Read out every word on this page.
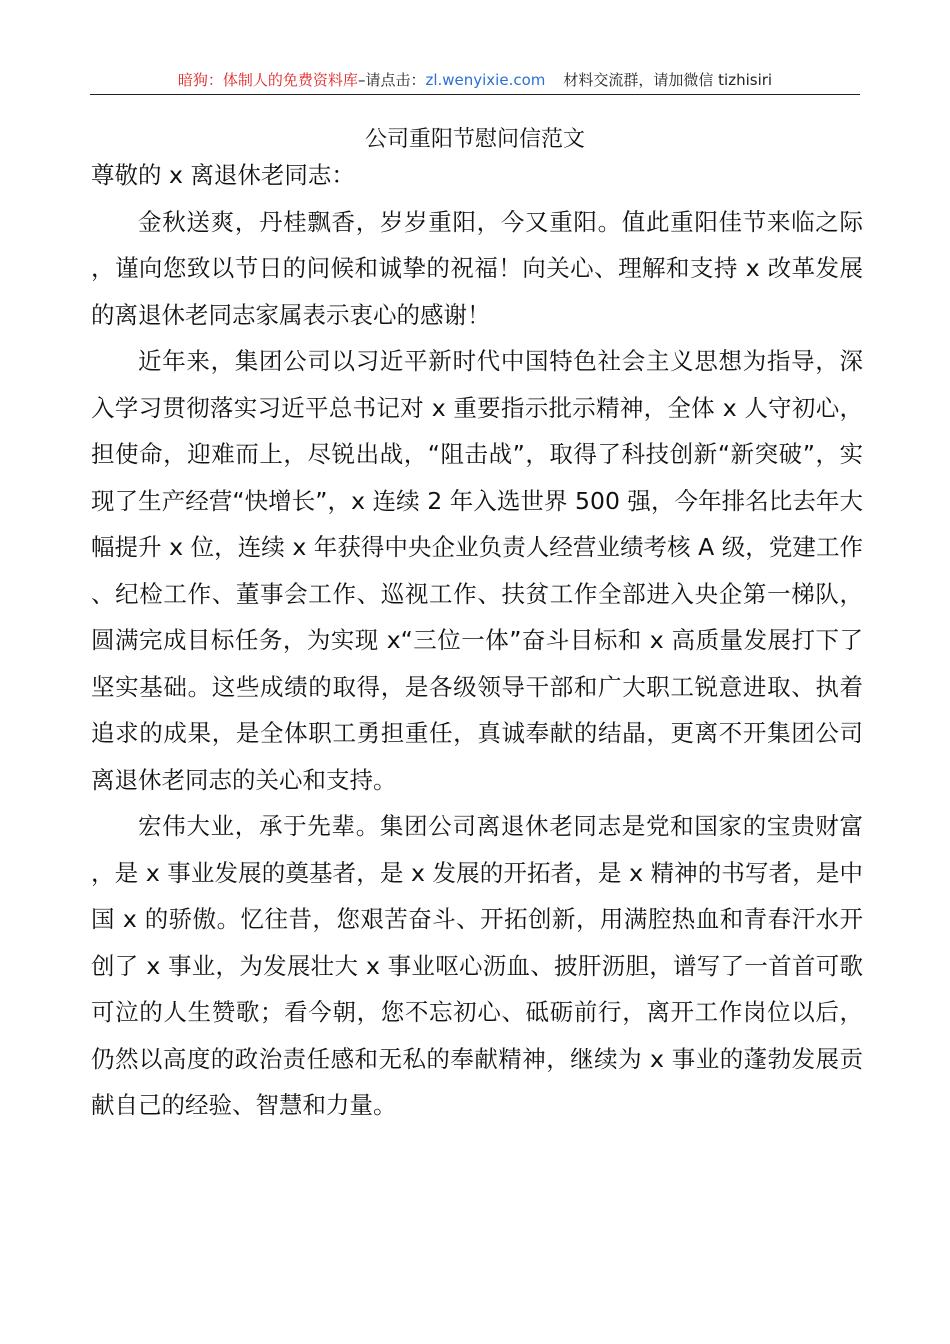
暗狗：体制人的免费资料库–请点击：zl.wenyixie.com 材料交流群，请加微信 tizhisiri
公司重阳节慰问信范文

尊敬的 x 离退休老同志：

金秋送爽，丹桂飘香，岁岁重阳，今又重阳。值此重阳佳节来临之际，谨向您致以节日的问候和诚挚的祝福！向关心、理解和支持 x 改革发展的离退休老同志家属表示衷心的感谢！

近年来，集团公司以习近平新时代中国特色社会主义思想为指导，深入学习贯彻落实习近平总书记对 x 重要指示批示精神，全体 x 人守初心，担使命，迎难而上，尽锐出战，“阻击战”，取得了科技创新“新突破”，实现了生产经营“快增长”，x 连续 2 年入选世界 500 强，今年排名比去年大幅提升 x 位，连续 x 年获得中央企业负责人经营业绩考核 A 级，党建工作、纪检工作、董事会工作、巡视工作、扶贫工作全部进入央企第一梯队，圆满完成目标任务，为实现 x“三位一体”奋斗目标和 x 高质量发展打下了坚实基础。这些成绩的取得，是各级领导干部和广大职工锐意进取、执着追求的成果，是全体职工勇担重任，真诚奉献的结晶，更离不开集团公司离退休老同志的关心和支持。

宏伟大业，承于先辈。集团公司离退休老同志是党和国家的宝贵财富，是 x 事业发展的奠基者，是 x 发展的开拓者，是 x 精神的书写者，是中国 x 的骄傲。忆往昔，您艰苦奋斗、开拓创新，用满腔热血和青春汗水开创了 x 事业，为发展壮大 x 事业呕心沥血、披肝沥胆，谱写了一首首可歌可泣的人生赞歌；看今朝，您不忘初心、砥砺前行，离开工作岗位以后，仍然以高度的政治责任感和无私的奉献精神，继续为 x 事业的蓬勃发展贡献自己的经验、智慧和力量。
